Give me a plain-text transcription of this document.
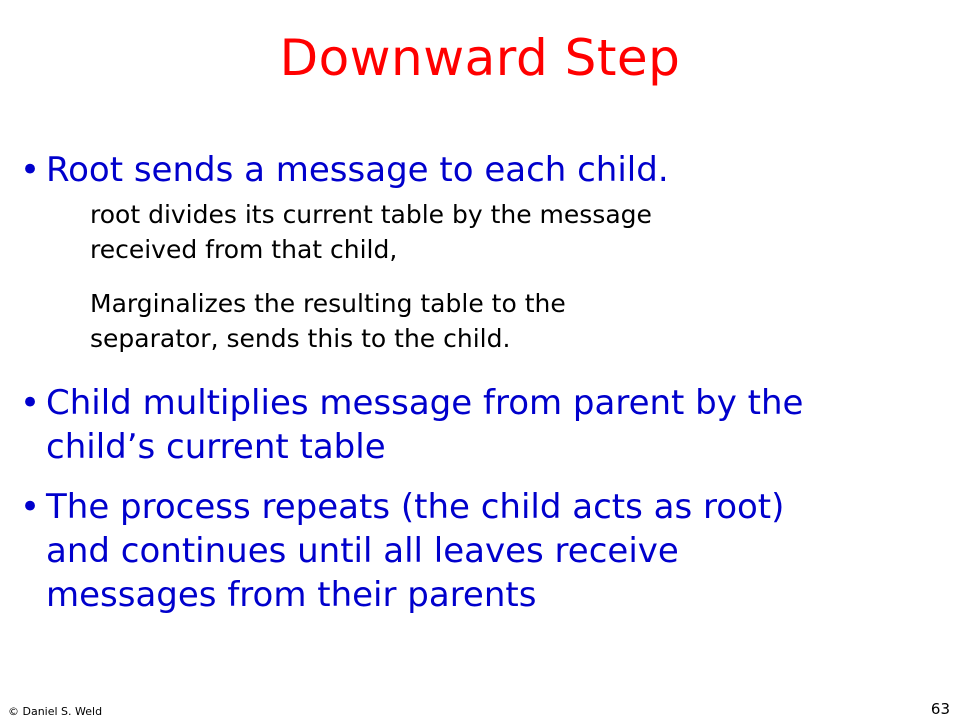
Downward Step
• Root sends a message to each child.
root divides its current table by the message
received from that child,
Marginalizes the resulting table to the
separator, sends this to the child.
• Child multiplies message from parent by the
child’s current table
• The process repeats (the child acts as root)
and continues until all leaves receive
messages from their parents
© Daniel S. Weld	63
